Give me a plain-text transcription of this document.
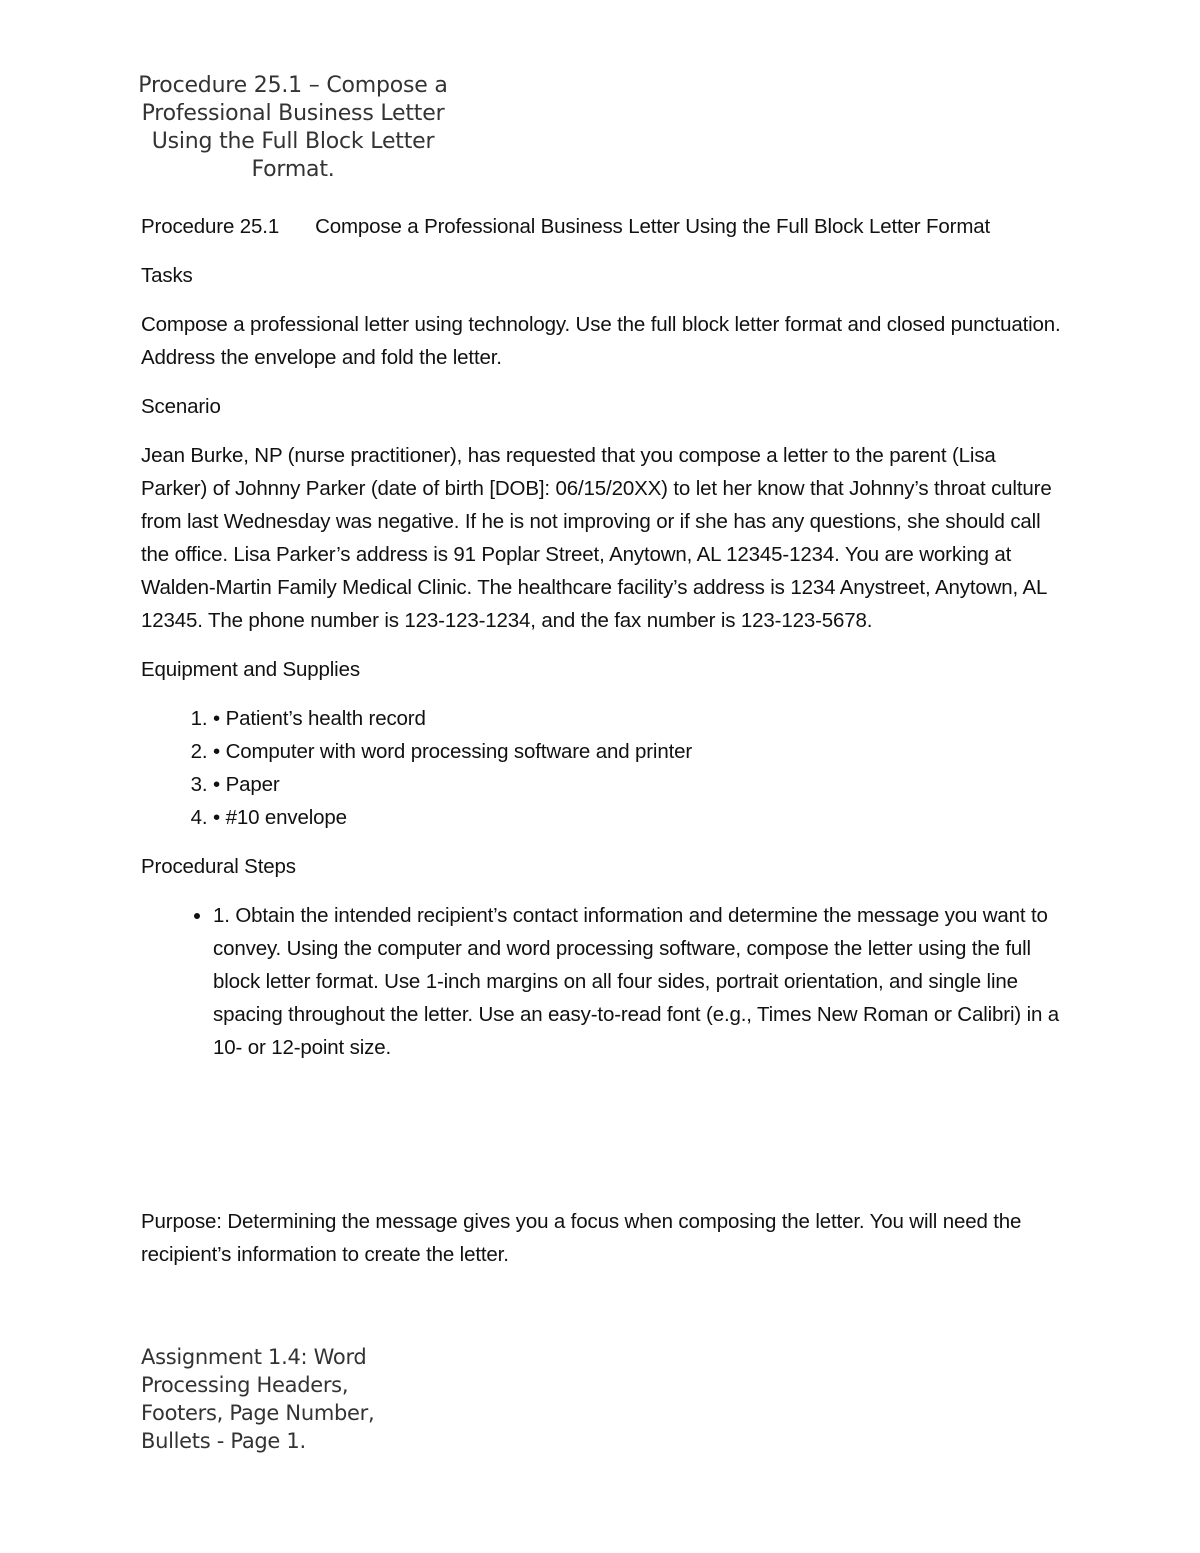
Procedure 25.1 – Compose a Professional Business Letter Using the Full Block Letter Format.

Procedure 25.1 Compose a Professional Business Letter Using the Full Block Letter Format

Tasks

Compose a professional letter using technology. Use the full block letter format and closed punctuation. Address the envelope and fold the letter.

Scenario

Jean Burke, NP (nurse practitioner), has requested that you compose a letter to the parent (Lisa Parker) of Johnny Parker (date of birth [DOB]: 06/15/20XX) to let her know that Johnny’s throat culture from last Wednesday was negative. If he is not improving or if she has any questions, she should call the office. Lisa Parker’s address is 91 Poplar Street, Anytown, AL 12345-1234. You are working at Walden-Martin Family Medical Clinic. The healthcare facility’s address is 1234 Anystreet, Anytown, AL 12345. The phone number is 123-123-1234, and the fax number is 123-123-5678.

Equipment and Supplies

1. • Patient’s health record
2. • Computer with word processing software and printer
3. • Paper
4. • #10 envelope

Procedural Steps

• 1. Obtain the intended recipient’s contact information and determine the message you want to convey. Using the computer and word processing software, compose the letter using the full block letter format. Use 1-inch margins on all four sides, portrait orientation, and single line spacing throughout the letter. Use an easy-to-read font (e.g., Times New Roman or Calibri) in a 10- or 12-point size.

Purpose: Determining the message gives you a focus when composing the letter. You will need the recipient’s information to create the letter.

Assignment 1.4: Word Processing Headers, Footers, Page Number, Bullets - Page 1.
